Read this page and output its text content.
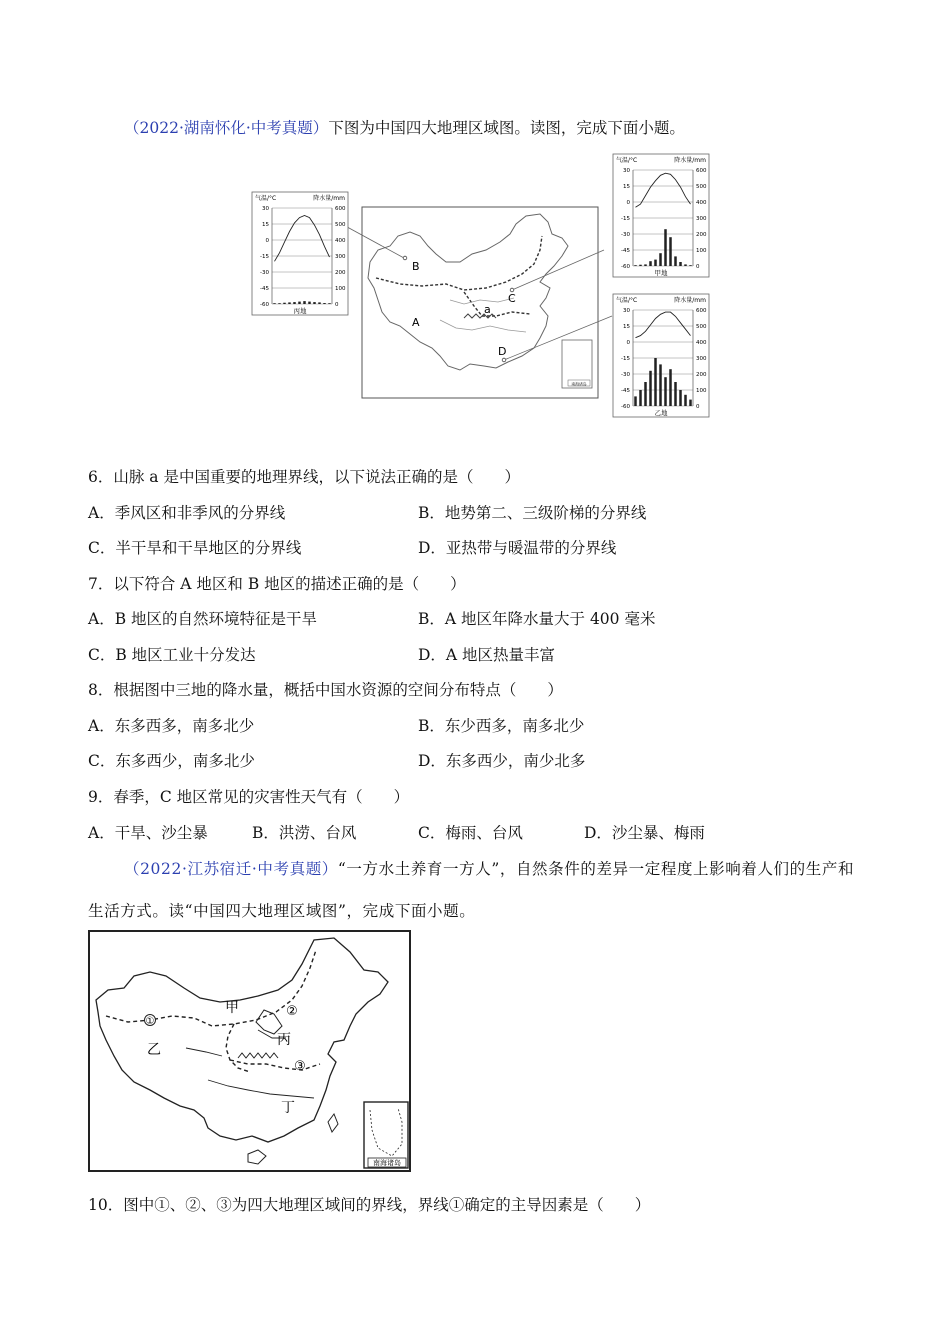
（2022·湖南怀化·中考真题）下图为中国四大地理区域图。读图，完成下面小题。
南海诸岛
B
A
C
D
a
气温/°C	降水量/mm
30	600
15	500
0	400
-15	300
-30	200
-45	100
-60	0
丙地
气温/°C	降水量/mm
30	600
15	500
0	400
-15	300
-30	200
-45	100
-60	0
甲地
气温/°C	降水量/mm
30	600
15	500
0	400
-15	300
-30	200
-45	100
-60	0
乙地
6．山脉 a 是中国重要的地理界线，以下说法正确的是（　　）
A．季风区和非季风的分界线	B．地势第二、三级阶梯的分界线
C．半干旱和干旱地区的分界线	D．亚热带与暖温带的分界线
7．以下符合 A 地区和 B 地区的描述正确的是（　　）
A．B 地区的自然环境特征是干旱	B．A 地区年降水量大于 400 毫米
C．B 地区工业十分发达	D．A 地区热量丰富
8．根据图中三地的降水量，概括中国水资源的空间分布特点（　　）
A．东多西多，南多北少	B．东少西多，南多北少
C．东多西少，南多北少	D．东多西少，南少北多
9．春季，C 地区常见的灾害性天气有（　　）
A．干旱、沙尘暴	B．洪涝、台风	C．梅雨、台风	D．沙尘暴、梅雨
（2022·江苏宿迁·中考真题）“一方水土养育一方人”，自然条件的差异一定程度上影响着人们的生产和生活方式。读“中国四大地理区域图”，完成下面小题。
①
②
③
甲
乙
丙
丁
南海诸岛
10．图中①、②、③为四大地理区域间的界线，界线①确定的主导因素是（　　）
